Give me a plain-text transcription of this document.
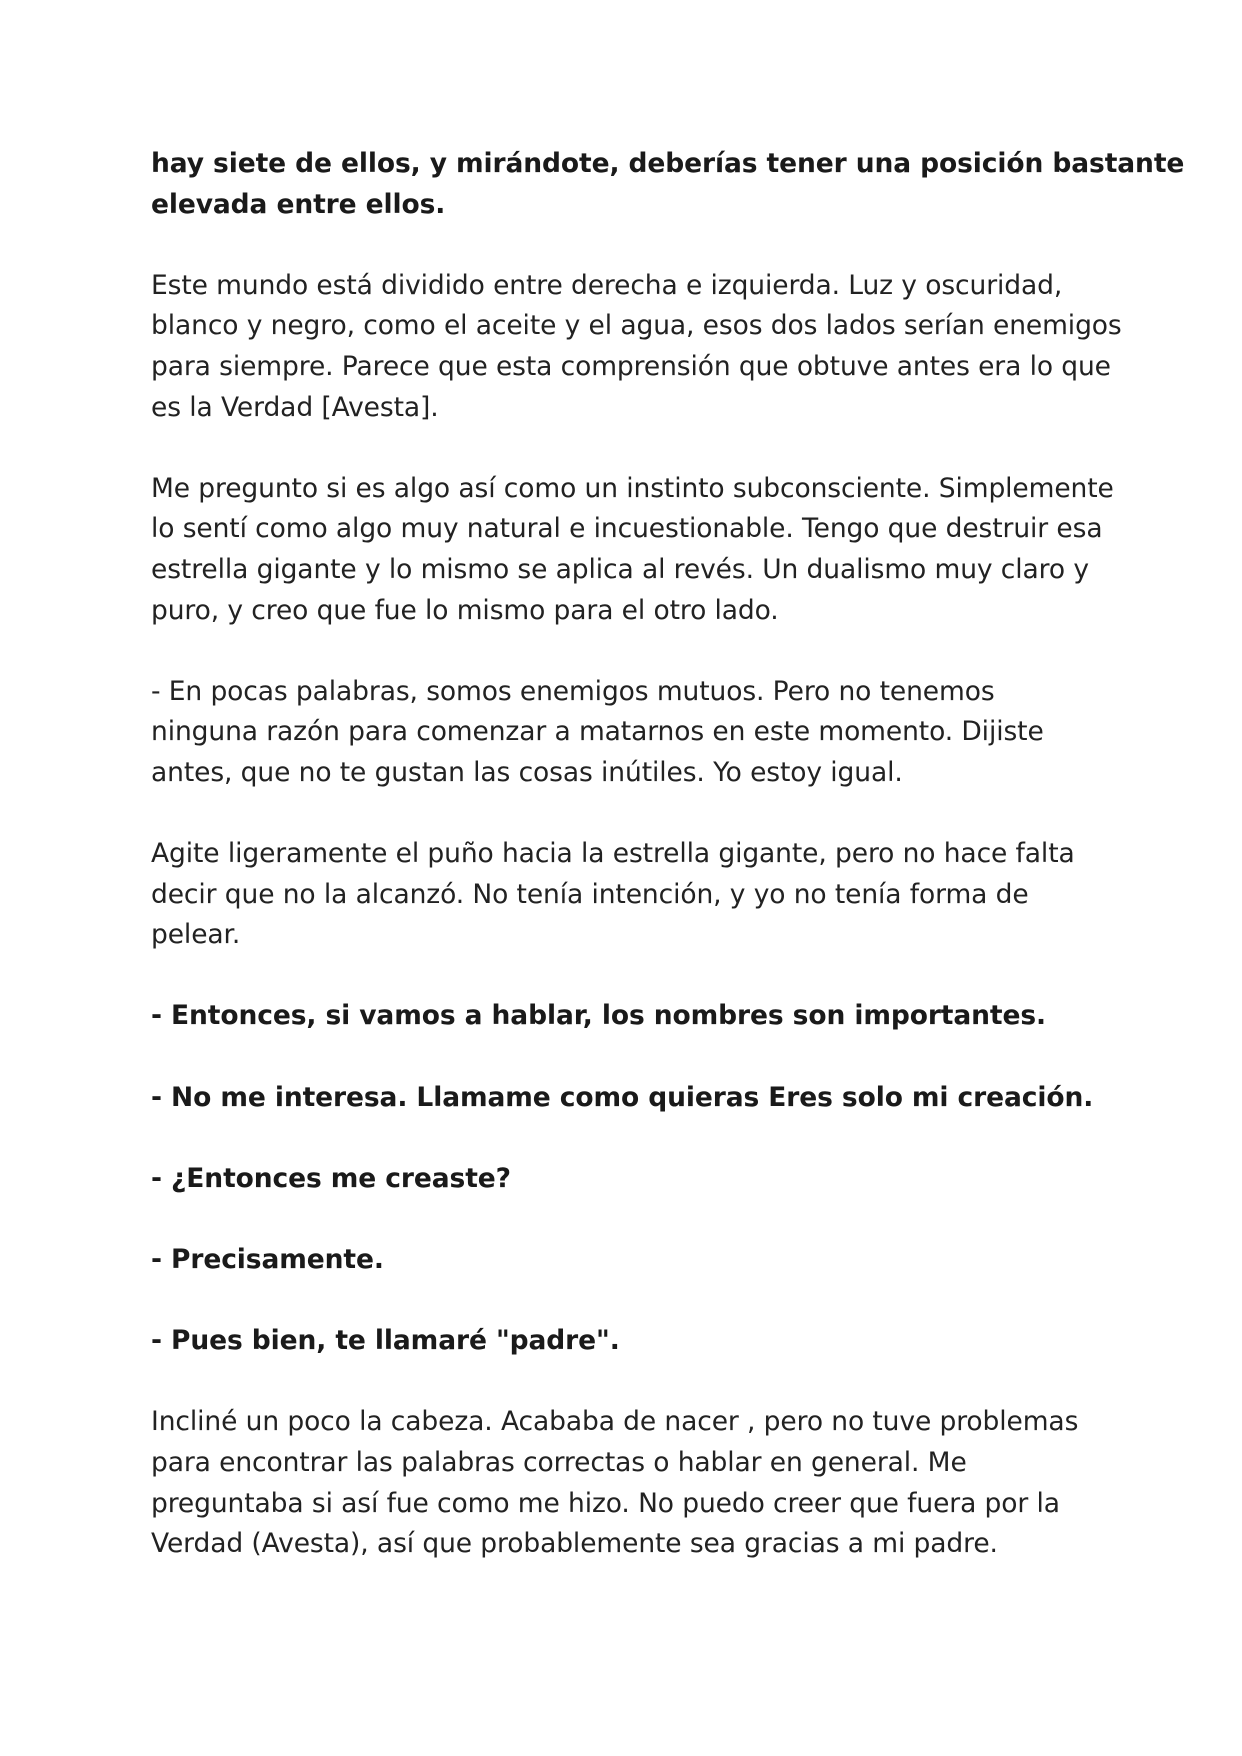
hay siete de ellos, y mirándote, deberías tener una posición bastante
elevada entre ellos.

Este mundo está dividido entre derecha e izquierda. Luz y oscuridad,
blanco y negro, como el aceite y el agua, esos dos lados serían enemigos
para siempre. Parece que esta comprensión que obtuve antes era lo que
es la Verdad [Avesta].

Me pregunto si es algo así como un instinto subconsciente. Simplemente
lo sentí como algo muy natural e incuestionable. Tengo que destruir esa
estrella gigante y lo mismo se aplica al revés. Un dualismo muy claro y
puro, y creo que fue lo mismo para el otro lado.

- En pocas palabras, somos enemigos mutuos. Pero no tenemos
ninguna razón para comenzar a matarnos en este momento. Dijiste
antes, que no te gustan las cosas inútiles. Yo estoy igual.

Agite ligeramente el puño hacia la estrella gigante, pero no hace falta
decir que no la alcanzó. No tenía intención, y yo no tenía forma de
pelear.

- Entonces, si vamos a hablar, los nombres son importantes.

- No me interesa. Llamame como quieras Eres solo mi creación.

- ¿Entonces me creaste?

- Precisamente.

- Pues bien, te llamaré "padre".

Incliné un poco la cabeza. Acababa de nacer , pero no tuve problemas
para encontrar las palabras correctas o hablar en general. Me
preguntaba si así fue como me hizo. No puedo creer que fuera por la
Verdad (Avesta), así que probablemente sea gracias a mi padre.
